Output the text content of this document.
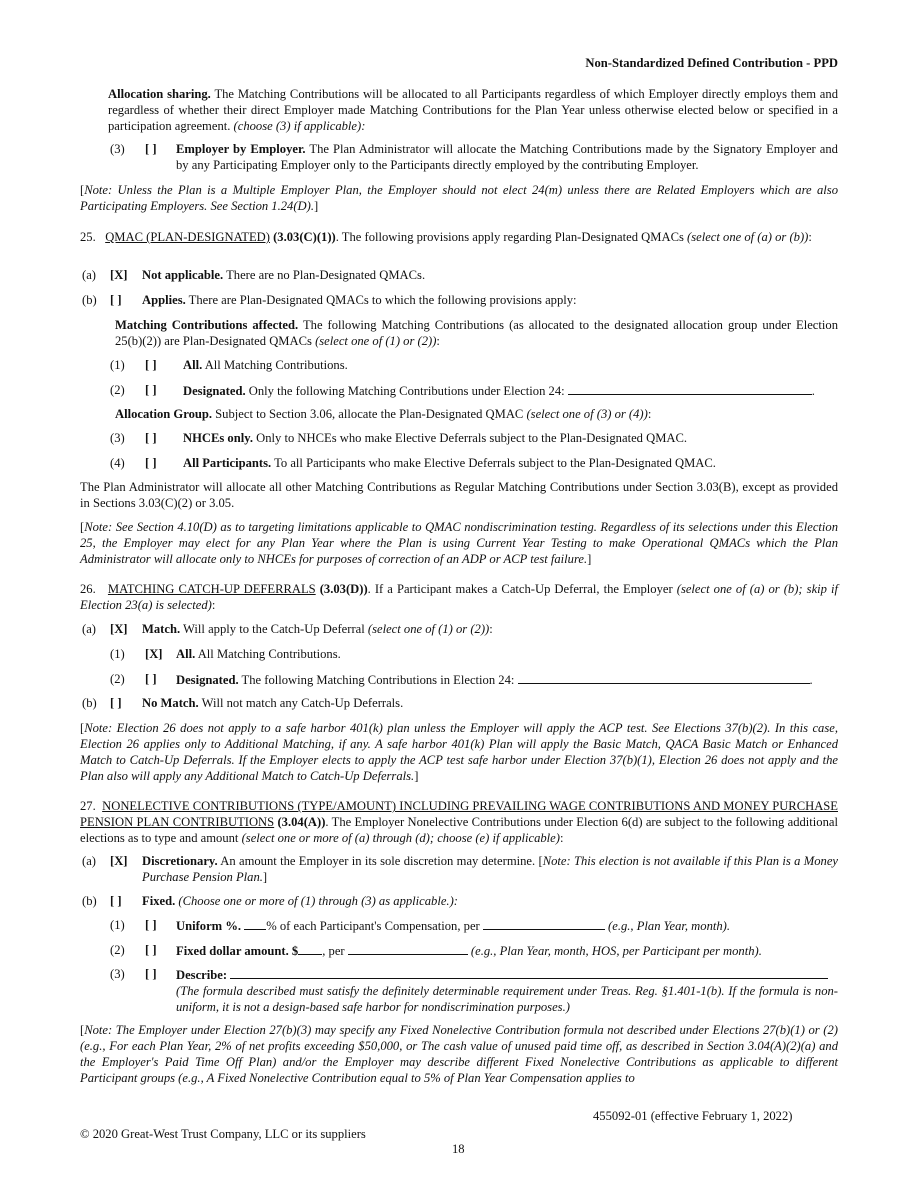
Non-Standardized Defined Contribution - PPD
Allocation sharing. The Matching Contributions will be allocated to all Participants regardless of which Employer directly employs them and regardless of whether their direct Employer made Matching Contributions for the Plan Year unless otherwise elected below or specified in a participation agreement. (choose (3) if applicable):
(3) [ ] Employer by Employer. The Plan Administrator will allocate the Matching Contributions made by the Signatory Employer and by any Participating Employer only to the Participants directly employed by the contributing Employer.
[Note: Unless the Plan is a Multiple Employer Plan, the Employer should not elect 24(m) unless there are Related Employers which are also Participating Employers. See Section 1.24(D).]
25. QMAC (PLAN-DESIGNATED) (3.03(C)(1)). The following provisions apply regarding Plan-Designated QMACs (select one of (a) or (b)):
(a) [X] Not applicable. There are no Plan-Designated QMACs.
(b) [ ] Applies. There are Plan-Designated QMACs to which the following provisions apply:
Matching Contributions affected. The following Matching Contributions (as allocated to the designated allocation group under Election 25(b)(2)) are Plan-Designated QMACs (select one of (1) or (2)):
(1) [ ] All. All Matching Contributions.
(2) [ ] Designated. Only the following Matching Contributions under Election 24:	.
Allocation Group. Subject to Section 3.06, allocate the Plan-Designated QMAC (select one of (3) or (4)):
(3) [ ] NHCEs only. Only to NHCEs who make Elective Deferrals subject to the Plan-Designated QMAC.
(4) [ ] All Participants. To all Participants who make Elective Deferrals subject to the Plan-Designated QMAC.
The Plan Administrator will allocate all other Matching Contributions as Regular Matching Contributions under Section 3.03(B), except as provided in Sections 3.03(C)(2) or 3.05.
[Note: See Section 4.10(D) as to targeting limitations applicable to QMAC nondiscrimination testing. Regardless of its selections under this Election 25, the Employer may elect for any Plan Year where the Plan is using Current Year Testing to make Operational QMACs which the Plan Administrator will allocate only to NHCEs for purposes of correction of an ADP or ACP test failure.]
26. MATCHING CATCH-UP DEFERRALS (3.03(D)). If a Participant makes a Catch-Up Deferral, the Employer (select one of (a) or (b); skip if Election 23(a) is selected):
(a) [X] Match. Will apply to the Catch-Up Deferral (select one of (1) or (2)):
(1) [X] All. All Matching Contributions.
(2) [ ] Designated. The following Matching Contributions in Election 24:	.
(b) [ ] No Match. Will not match any Catch-Up Deferrals.
[Note: Election 26 does not apply to a safe harbor 401(k) plan unless the Employer will apply the ACP test. See Elections 37(b)(2). In this case, Election 26 applies only to Additional Matching, if any. A safe harbor 401(k) Plan will apply the Basic Match, QACA Basic Match or Enhanced Match to Catch-Up Deferrals. If the Employer elects to apply the ACP test safe harbor under Election 37(b)(1), Election 26 does not apply and the Plan also will apply any Additional Match to Catch-Up Deferrals.]
27. NONELECTIVE CONTRIBUTIONS (TYPE/AMOUNT) INCLUDING PREVAILING WAGE CONTRIBUTIONS AND MONEY PURCHASE PENSION PLAN CONTRIBUTIONS (3.04(A)). The Employer Nonelective Contributions under Election 6(d) are subject to the following additional elections as to type and amount (select one or more of (a) through (d); choose (e) if applicable):
(a) [X] Discretionary. An amount the Employer in its sole discretion may determine. [Note: This election is not available if this Plan is a Money Purchase Pension Plan.]
(b) [ ] Fixed. (Choose one or more of (1) through (3) as applicable.):
(1) [ ] Uniform %. % of each Participant's Compensation, per	(e.g., Plan Year, month).
(2) [ ] Fixed dollar amount. $ , per	(e.g., Plan Year, month, HOS, per Participant per month).
(3) [ ] Describe:
(The formula described must satisfy the definitely determinable requirement under Treas. Reg. §1.401-1(b). If the formula is non-uniform, it is not a design-based safe harbor for nondiscrimination purposes.)
[Note: The Employer under Election 27(b)(3) may specify any Fixed Nonelective Contribution formula not described under Elections 27(b)(1) or (2) (e.g., For each Plan Year, 2% of net profits exceeding $50,000, or The cash value of unused paid time off, as described in Section 3.04(A)(2)(a) and the Employer's Paid Time Off Plan) and/or the Employer may describe different Fixed Nonelective Contributions as applicable to different Participant groups (e.g., A Fixed Nonelective Contribution equal to 5% of Plan Year Compensation applies to
455092-01 (effective February 1, 2022)
© 2020 Great-West Trust Company, LLC or its suppliers
18
